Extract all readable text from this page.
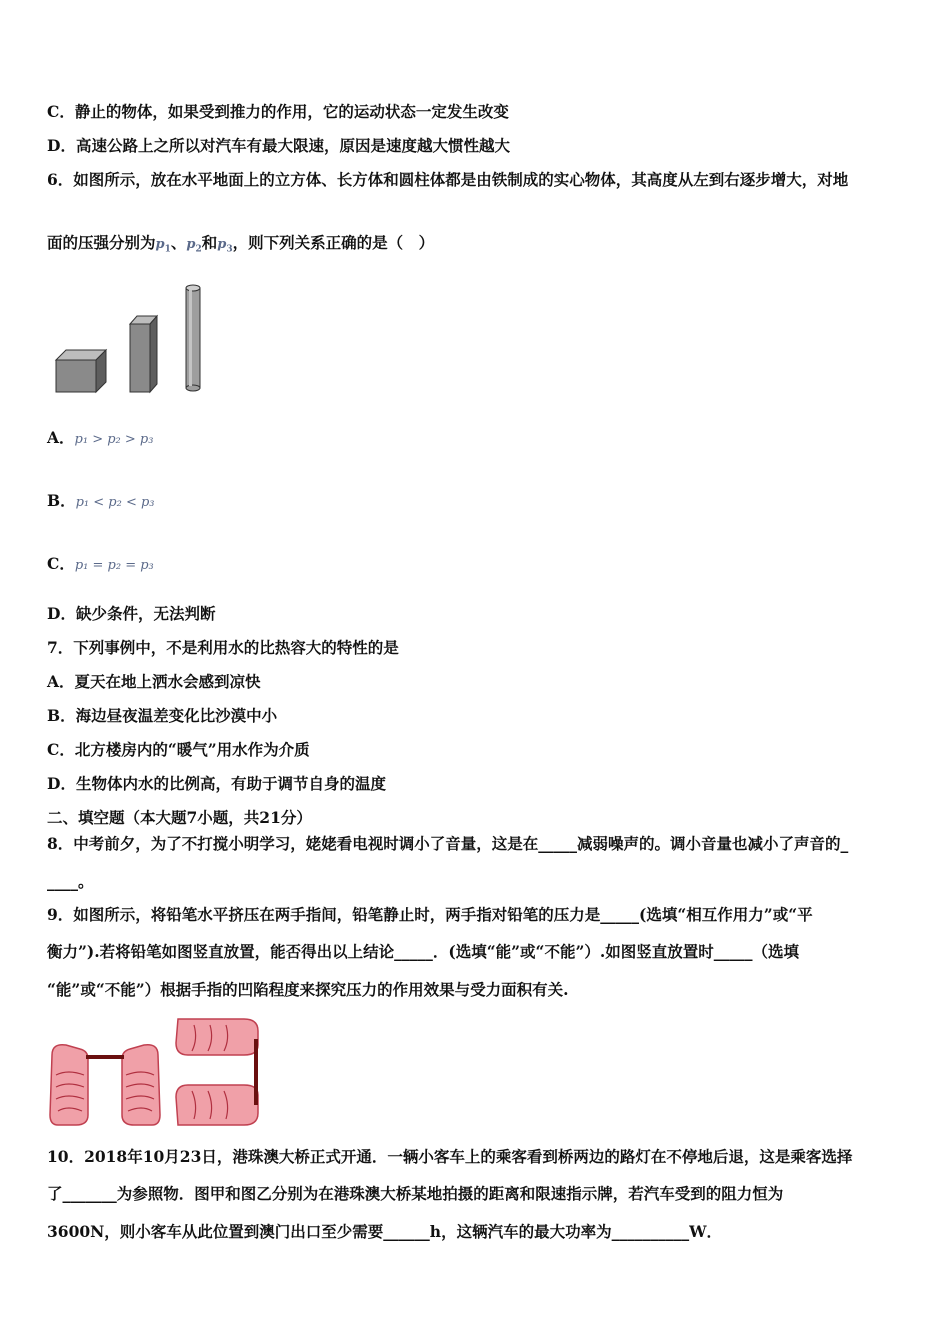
C．静止的物体，如果受到推力的作用，它的运动状态一定发生改变
D．高速公路上之所以对汽车有最大限速，原因是速度越大惯性越大
6．如图所示，放在水平地面上的立方体、长方体和圆柱体都是由铁制成的实心物体，其高度从左到右逐步增大，对地
面的压强分别为$p_1$、$p_2$和$p_3$，则下列关系正确的是（　）
A．p₁ > p₂ > p₃
B．p₁ < p₂ < p₃
C．p₁ = p₂ = p₃
D．缺少条件，无法判断
7．下列事例中，不是利用水的比热容大的特性的是
A．夏天在地上洒水会感到凉快
B．海边昼夜温差变化比沙漠中小
C．北方楼房内的“暖气”用水作为介质
D．生物体内水的比例高，有助于调节自身的温度
二、填空题（本大题7小题，共21分）
8．中考前夕，为了不打搅小明学习，姥姥看电视时调小了音量，这是在_____减弱噪声的。调小音量也减小了声音的_
____。
9．如图所示，将铅笔水平挤压在两手指间，铅笔静止时，两手指对铅笔的压力是_____(选填“相互作用力”或“平
衡力”).若将铅笔如图竖直放置，能否得出以上结论_____．(选填“能”或“不能”）.如图竖直放置时_____（选填
“能”或“不能”）根据手指的凹陷程度来探究压力的作用效果与受力面积有关.
10．2018年10月23日，港珠澳大桥正式开通．一辆小客车上的乘客看到桥两边的路灯在不停地后退，这是乘客选择
了_______为参照物．图甲和图乙分别为在港珠澳大桥某地拍摄的距离和限速指示牌，若汽车受到的阻力恒为
3600N，则小客车从此位置到澳门出口至少需要______h，这辆汽车的最大功率为__________W．
